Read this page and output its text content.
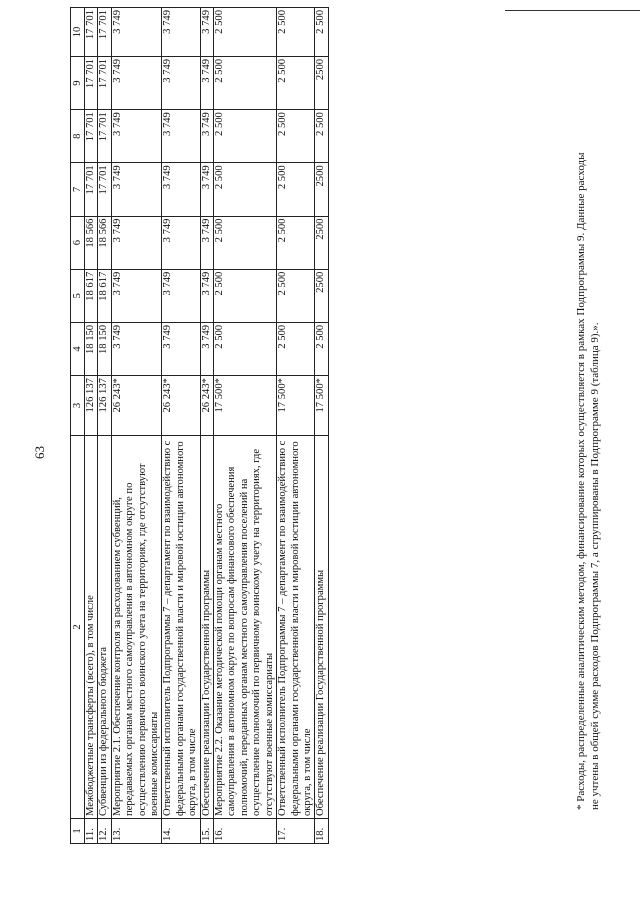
63
1	2	3	4	5	6	7	8	9	10
11.	Межбюджетные трансферты (всего), в том числе	126 137	18 150	18 617	18 566	17 701	17 701	17 701	17 701
12.	Субвенции из федерального бюджета	126 137	18 150	18 617	18 566	17 701	17 701	17 701	17 701
13.	Мероприятие 2.1. Обеспечение контроля за расходованием субвенций, передаваемых органам местного самоуправления в автономном округе по осуществлению первичного воинского учета на территориях, где отсутствуют военные комиссариаты	26 243*	3 749	3 749	3 749	3 749	3 749	3 749	3 749
14.	Ответственный исполнитель Подпрограммы 7 – департамент по взаимодействию с федеральными органами государственной власти и мировой юстиции автономного округа, в том числе	26 243*	3 749	3 749	3 749	3 749	3 749	3 749	3 749
15.	Обеспечение реализации Государственной программы	26 243*	3 749	3 749	3 749	3 749	3 749	3 749	3 749
16.	Мероприятие 2.2. Оказание методической помощи органам местного самоуправления в автономном округе по вопросам финансового обеспечения полномочий, переданных органам местного самоуправления поселений на осуществление полномочий по первичному воинскому учету на территориях, где отсутствуют военные комиссариаты	17 500*	2 500	2 500	2 500	2 500	2 500	2 500	2 500
17.	Ответственный исполнитель Подпрограммы 7 – департамент по взаимодействию с федеральными органами государственной власти и мировой юстиции автономного округа, в том числе	17 500*	2 500	2 500	2 500	2 500	2 500	2 500	2 500
18.	Обеспечение реализации Государственной программы	17 500*	2 500	2500	2500	2500	2 500	2500	2 500
* Расходы, распределенные аналитическим методом, финансирование которых осуществляется в рамках Подпрограммы 9. Данные расходы не учтены в общей сумме расходов Подпрограммы 7, а сгруппированы в Подпрограмме 9 (таблица 9).».
